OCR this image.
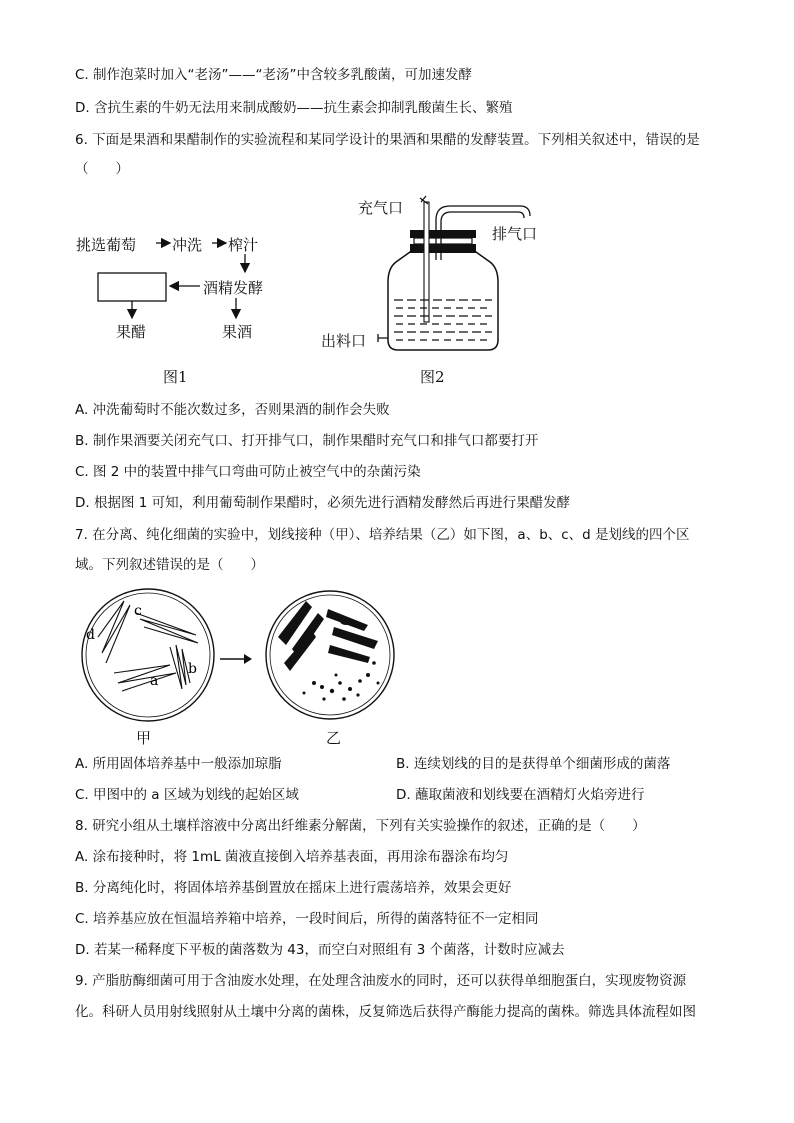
C. 制作泡菜时加入“老汤”——“老汤”中含较多乳酸菌，可加速发酵
D. 含抗生素的牛奶无法用来制成酸奶——抗生素会抑制乳酸菌生长、繁殖
6. 下面是果酒和果醋制作的实验流程和某同学设计的果酒和果醋的发酵装置。下列相关叙述中，错误的是
（　　）
挑选葡萄 冲洗 榨汁
酒精发酵
果醋	果酒
图1
充气口
排气口
出料口
图2
A. 冲洗葡萄时不能次数过多，否则果酒的制作会失败
B. 制作果酒要关闭充气口、打开排气口，制作果醋时充气口和排气口都要打开
C. 图 2 中的装置中排气口弯曲可防止被空气中的杂菌污染
D. 根据图 1 可知，利用葡萄制作果醋时，必须先进行酒精发酵然后再进行果醋发酵
7. 在分离、纯化细菌的实验中，划线接种（甲）、培养结果（乙）如下图，a、b、c、d 是划线的四个区
域。下列叙述错误的是（　　）
a
b
c
d
甲	乙
A. 所用固体培养基中一般添加琼脂	B. 连续划线的目的是获得单个细菌形成的菌落
C. 甲图中的 a 区域为划线的起始区域	D. 蘸取菌液和划线要在酒精灯火焰旁进行
8. 研究小组从土壤样溶液中分离出纤维素分解菌，下列有关实验操作的叙述，正确的是（　　）
A. 涂布接种时，将 1mL 菌液直接倒入培养基表面，再用涂布器涂布均匀
B. 分离纯化时，将固体培养基倒置放在摇床上进行震荡培养，效果会更好
C. 培养基应放在恒温培养箱中培养，一段时间后，所得的菌落特征不一定相同
D. 若某一稀释度下平板的菌落数为 43，而空白对照组有 3 个菌落，计数时应减去
9. 产脂肪酶细菌可用于含油废水处理，在处理含油废水的同时，还可以获得单细胞蛋白，实现废物资源
化。科研人员用射线照射从土壤中分离的菌株，反复筛选后获得产酶能力提高的菌株。筛选具体流程如图
